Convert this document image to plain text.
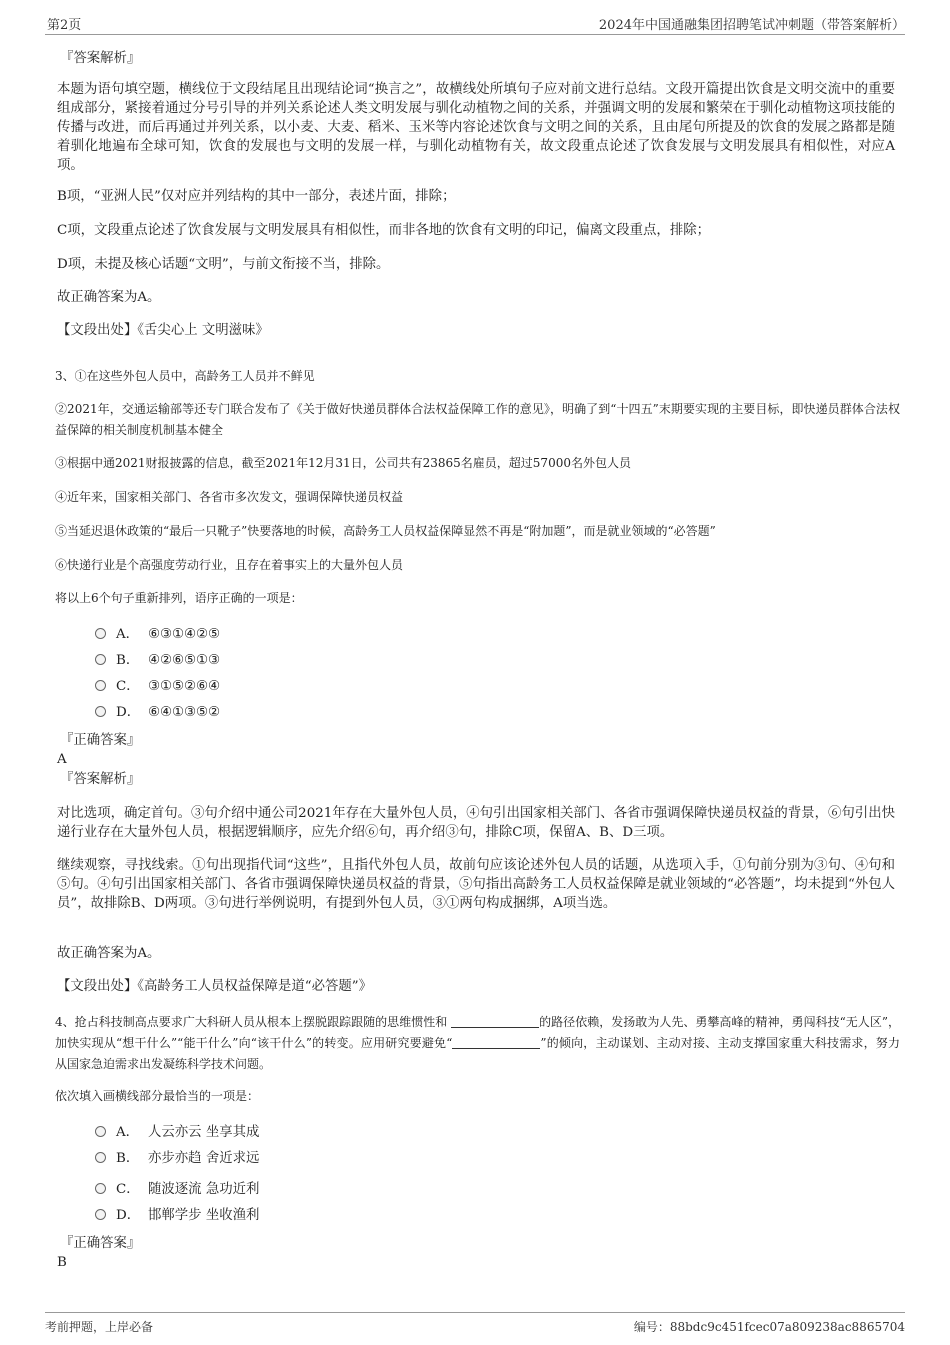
第2页	2024年中国通融集团招聘笔试冲刺题（带答案解析）
『答案解析』
本题为语句填空题，横线位于文段结尾且出现结论词“换言之”，故横线处所填句子应对前文进行总结。文段开篇提出饮食是文明交流中的重要组成部分，紧接着通过分号引导的并列关系论述人类文明发展与驯化动植物之间的关系，并强调文明的发展和繁荣在于驯化动植物这项技能的传播与改进，而后再通过并列关系，以小麦、大麦、稻米、玉米等内容论述饮食与文明之间的关系，且由尾句所提及的饮食的发展之路都是随着驯化地遍布全球可知，饮食的发展也与文明的发展一样，与驯化动植物有关，故文段重点论述了饮食发展与文明发展具有相似性，对应A项。
B项，“亚洲人民”仅对应并列结构的其中一部分，表述片面，排除；
C项，文段重点论述了饮食发展与文明发展具有相似性，而非各地的饮食有文明的印记，偏离文段重点，排除；
D项，未提及核心话题“文明”，与前文衔接不当，排除。
故正确答案为A。
【文段出处】《舌尖心上 文明滋味》
3、①在这些外包人员中，高龄务工人员并不鲜见
②2021年，交通运输部等还专门联合发布了《关于做好快递员群体合法权益保障工作的意见》，明确了到“十四五”末期要实现的主要目标，即快递员群体合法权益保障的相关制度机制基本健全
③根据中通2021财报披露的信息，截至2021年12月31日，公司共有23865名雇员，超过57000名外包人员
④近年来，国家相关部门、各省市多次发文，强调保障快递员权益
⑤当延迟退休政策的“最后一只靴子”快要落地的时候，高龄务工人员权益保障显然不再是“附加题”，而是就业领域的“必答题”
⑥快递行业是个高强度劳动行业，且存在着事实上的大量外包人员
将以上6个句子重新排列，语序正确的一项是：
A． ⑥③①④②⑤
B． ④②⑥⑤①③
C． ③①⑤②⑥④
D． ⑥④①③⑤②
『正确答案』
A
『答案解析』
对比选项，确定首句。③句介绍中通公司2021年存在大量外包人员，④句引出国家相关部门、各省市强调保障快递员权益的背景，⑥句引出快递行业存在大量外包人员，根据逻辑顺序，应先介绍⑥句，再介绍③句，排除C项，保留A、B、D三项。
继续观察，寻找线索。①句出现指代词“这些”，且指代外包人员，故前句应该论述外包人员的话题，从选项入手，①句前分别为③句、④句和⑤句。④句引出国家相关部门、各省市强调保障快递员权益的背景，⑤句指出高龄务工人员权益保障是就业领域的“必答题”，均未提到“外包人员”，故排除B、D两项。③句进行举例说明，有提到外包人员，③①两句构成捆绑，A项当选。
故正确答案为A。
【文段出处】《高龄务工人员权益保障是道“必答题”》
4、抢占科技制高点要求广大科研人员从根本上摆脱跟踪跟随的思维惯性和	的路径依赖，发扬敢为人先、勇攀高峰的精神，勇闯科技“无人区”，加快实现从“想干什么”“能干什么”向“该干什么”的转变。应用研究要避免“	”的倾向，主动谋划、主动对接、主动支撑国家重大科技需求，努力从国家急迫需求出发凝练科学技术问题。
依次填入画横线部分最恰当的一项是：
A． 人云亦云 坐享其成
B． 亦步亦趋 舍近求远
C． 随波逐流 急功近利
D． 邯郸学步 坐收渔利
『正确答案』
B
考前押题，上岸必备	编号：88bdc9c451fcec07a809238ac8865704
